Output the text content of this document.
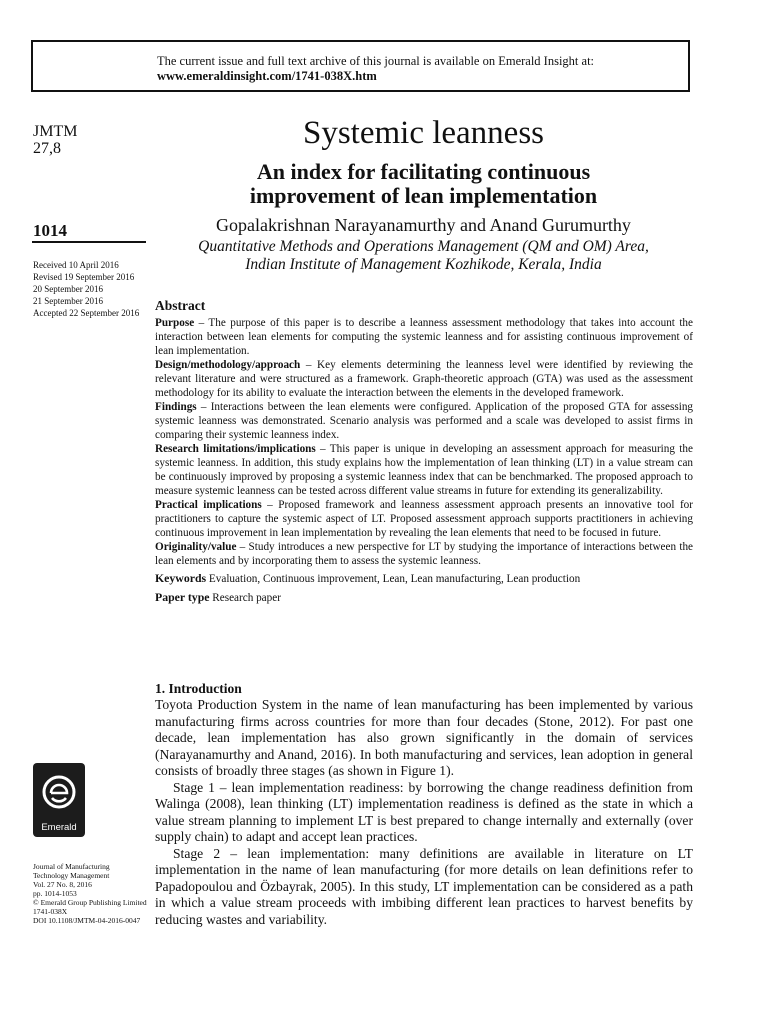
The current issue and full text archive of this journal is available on Emerald Insight at:
www.emeraldinsight.com/1741-038X.htm
JMTM
27,8
1014
Received 10 April 2016
Revised 19 September 2016
20 September 2016
21 September 2016
Accepted 22 September 2016
Emerald
Journal of Manufacturing
Technology Management
Vol. 27 No. 8, 2016
pp. 1014-1053
© Emerald Group Publishing Limited
1741-038X
DOI 10.1108/JMTM-04-2016-0047
Systemic leanness
An index for facilitating continuous
improvement of lean implementation
Gopalakrishnan Narayanamurthy and Anand Gurumurthy
Quantitative Methods and Operations Management (QM and OM) Area,
Indian Institute of Management Kozhikode, Kerala, India
Abstract

Purpose – The purpose of this paper is to describe a leanness assessment methodology that takes into account the interaction between lean elements for computing the systemic leanness and for assisting continuous improvement of lean implementation.

Design/methodology/approach – Key elements determining the leanness level were identified by reviewing the relevant literature and were structured as a framework. Graph-theoretic approach (GTA) was used as the assessment methodology for its ability to evaluate the interaction between the elements in the developed framework.

Findings – Interactions between the lean elements were configured. Application of the proposed GTA for assessing systemic leanness was demonstrated. Scenario analysis was performed and a scale was developed to assist firms in comparing their systemic leanness index.

Research limitations/implications – This paper is unique in developing an assessment approach for measuring the systemic leanness. In addition, this study explains how the implementation of lean thinking (LT) in a value stream can be continuously improved by proposing a systemic leanness index that can be benchmarked. The proposed approach to measure systemic leanness can be tested across different value streams in future for extending its generalizability.

Practical implications – Proposed framework and leanness assessment approach presents an innovative tool for practitioners to capture the systemic aspect of LT. Proposed assessment approach supports practitioners in achieving continuous improvement in lean implementation by revealing the lean elements that need to be focused in future.

Originality/value – Study introduces a new perspective for LT by studying the importance of interactions between the lean elements and by incorporating them to assess the systemic leanness.

Keywords Evaluation, Continuous improvement, Lean, Lean manufacturing, Lean production
Paper type Research paper
1. Introduction

Toyota Production System in the name of lean manufacturing has been implemented by various manufacturing firms across countries for more than four decades (Stone, 2012). For past one decade, lean implementation has also grown significantly in the domain of services (Narayanamurthy and Anand, 2016). In both manufacturing and services, lean adoption in general consists of broadly three stages (as shown in Figure 1).

Stage 1 – lean implementation readiness: by borrowing the change readiness definition from Walinga (2008), lean thinking (LT) implementation readiness is defined as the state in which a value stream planning to implement LT is best prepared to change internally and externally (over supply chain) to adapt and accept lean practices.

Stage 2 – lean implementation: many definitions are available in literature on LT implementation in the name of lean manufacturing (for more details on lean definitions refer to Papadopoulou and Özbayrak, 2005). In this study, LT implementation can be considered as a path in which a value stream proceeds with imbibing different lean practices to harvest benefits by reducing wastes and variability.
